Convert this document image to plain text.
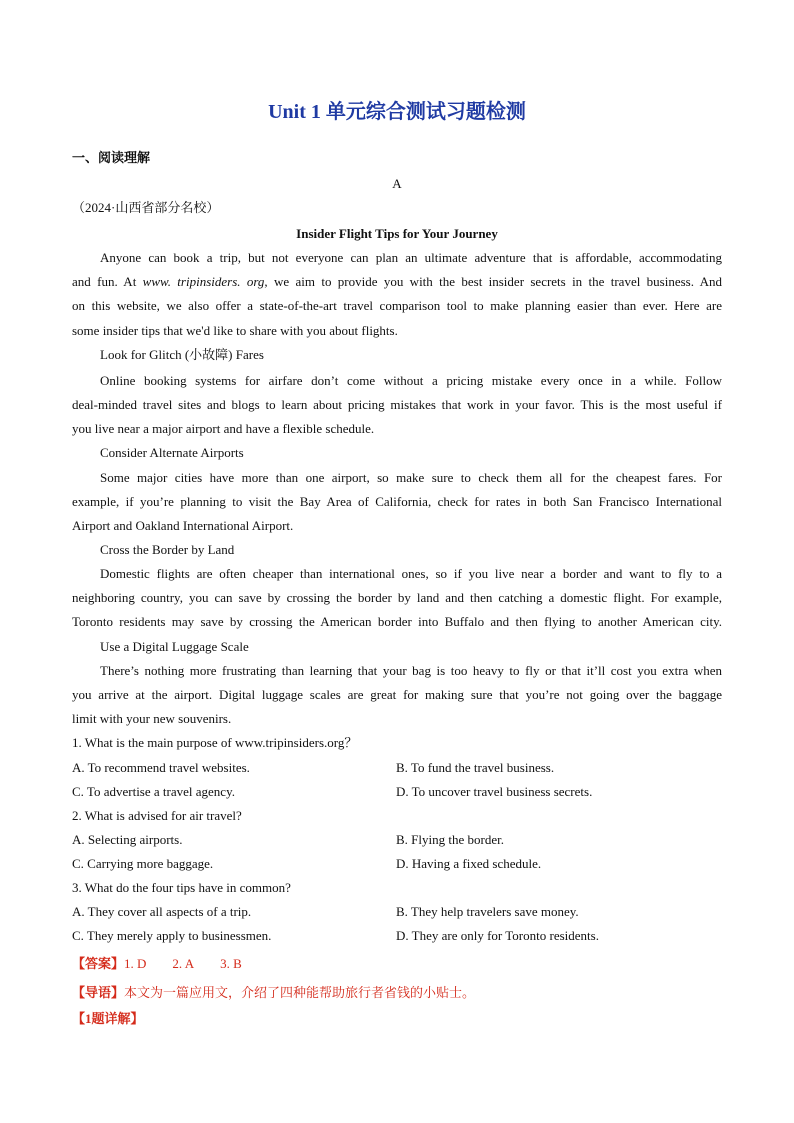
Unit 1 单元综合测试习题检测
一、阅读理解
A
（2024·山西省部分名校）
Insider Flight Tips for Your Journey
Anyone can book a trip, but not everyone can plan an ultimate adventure that is affordable, accommodating
and fun. At www. tripinsiders. org, we aim to provide you with the best insider secrets in the travel business. And
on this website, we also offer a state-of-the-art travel comparison tool to make planning easier than ever. Here are
some insider tips that we'd like to share with you about flights.
Look for Glitch (小故障) Fares
Online booking systems for airfare don’t come without a pricing mistake every once in a while. Follow
deal-minded travel sites and blogs to learn about pricing mistakes that work in your favor. This is the most useful if
you live near a major airport and have a flexible schedule.
Consider Alternate Airports
Some major cities have more than one airport, so make sure to check them all for the cheapest fares. For
example, if you’re planning to visit the Bay Area of California, check for rates in both San Francisco International
Airport and Oakland International Airport.
Cross the Border by Land
Domestic flights are often cheaper than international ones, so if you live near a border and want to fly to a
neighboring country, you can save by crossing the border by land and then catching a domestic flight. For example,
Toronto residents may save by crossing the American border into Buffalo and then flying to another American city.
Use a Digital Luggage Scale
There’s nothing more frustrating than learning that your bag is too heavy to fly or that it’ll cost you extra when
you arrive at the airport. Digital luggage scales are great for making sure that you’re not going over the baggage
limit with your new souvenirs.
1. What is the main purpose of www.tripinsiders.org？
A. To recommend travel websites.	B. To fund the travel business.
C. To advertise a travel agency.	D. To uncover travel business secrets.
2. What is advised for air travel?
A. Selecting airports.	B. Flying the border.
C. Carrying more baggage.	D. Having a fixed schedule.
3. What do the four tips have in common?
A. They cover all aspects of a trip.	B. They help travelers save money.
C. They merely apply to businessmen.	D. They are only for Toronto residents.
【答案】1. D 2. A 3. B
【导语】本文为一篇应用文，介绍了四种能帮助旅行者省钱的小贴士。
【1题详解】
